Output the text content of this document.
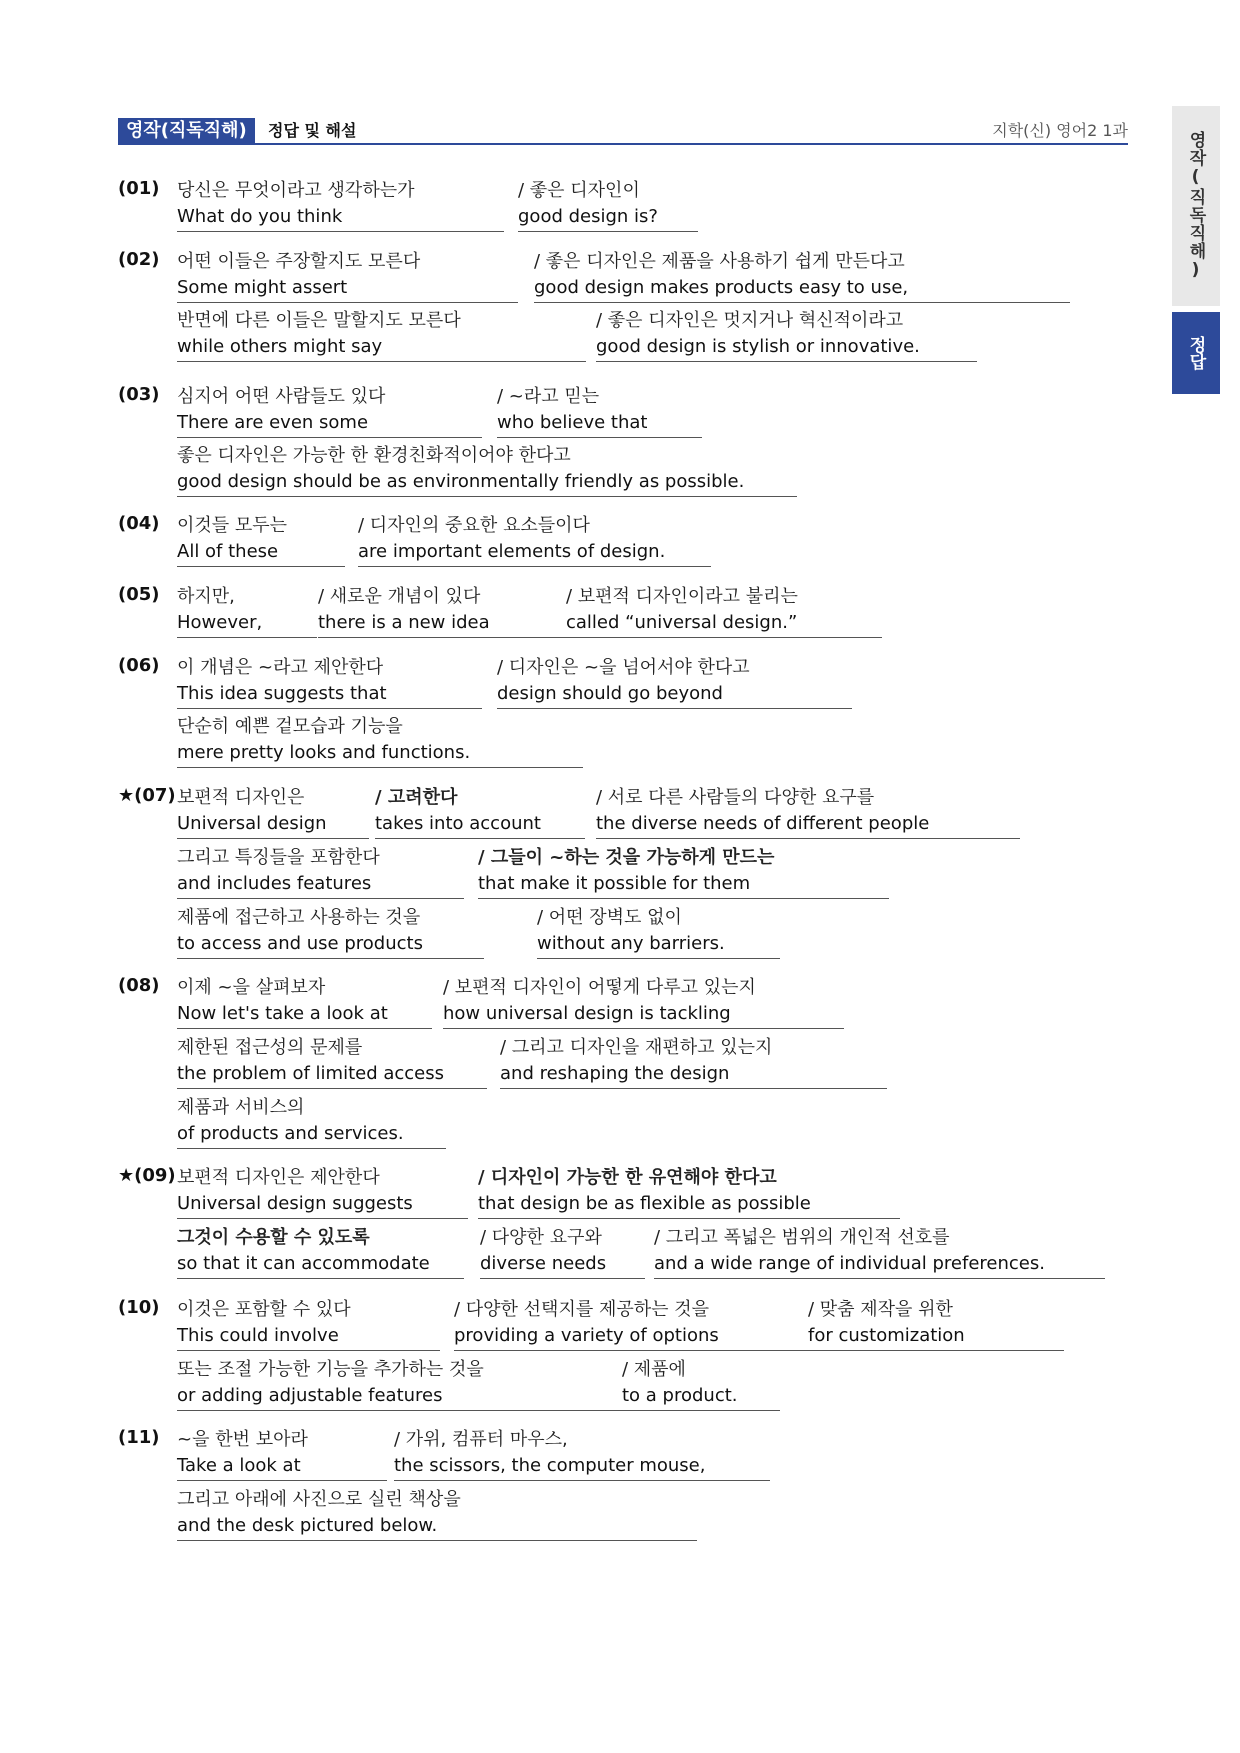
영작(직독직해)	정답 및 해설	지학(신) 영어2 1과
영작(직독직해)
정답
(01) 당신은 무엇이라고 생각하는가
What do you think
/ 좋은 디자인이
good design is?
(02) 어떤 이들은 주장할지도 모른다
Some might assert
/ 좋은 디자인은 제품을 사용하기 쉽게 만든다고
good design makes products easy to use,
반면에 다른 이들은 말할지도 모른다
while others might say
/ 좋은 디자인은 멋지거나 혁신적이라고
good design is stylish or innovative.
(03) 심지어 어떤 사람들도 있다
There are even some
/ ~라고 믿는
who believe that
좋은 디자인은 가능한 한 환경친화적이어야 한다고
good design should be as environmentally friendly as possible.
(04) 이것들 모두는
All of these
/ 디자인의 중요한 요소들이다
are important elements of design.
(05) 하지만,
However,
/ 새로운 개념이 있다
there is a new idea
/ 보편적 디자인이라고 불리는
called “universal design.”
(06) 이 개념은 ~라고 제안한다
This idea suggests that
/ 디자인은 ~을 넘어서야 한다고
design should go beyond
단순히 예쁜 겉모습과 기능을
mere pretty looks and functions.
★(07) 보편적 디자인은
Universal design
/ 고려한다
takes into account
/ 서로 다른 사람들의 다양한 요구를
the diverse needs of different people
그리고 특징들을 포함한다
and includes features
/ 그들이 ~하는 것을 가능하게 만드는
that make it possible for them
제품에 접근하고 사용하는 것을
to access and use products
/ 어떤 장벽도 없이
without any barriers.
(08) 이제 ~을 살펴보자
Now let's take a look at
/ 보편적 디자인이 어떻게 다루고 있는지
how universal design is tackling
제한된 접근성의 문제를
the problem of limited access
/ 그리고 디자인을 재편하고 있는지
and reshaping the design
제품과 서비스의
of products and services.
★(09) 보편적 디자인은 제안한다
Universal design suggests
/ 디자인이 가능한 한 유연해야 한다고
that design be as flexible as possible
그것이 수용할 수 있도록
so that it can accommodate
/ 다양한 요구와
diverse needs
/ 그리고 폭넓은 범위의 개인적 선호를
and a wide range of individual preferences.
(10) 이것은 포함할 수 있다
This could involve
/ 다양한 선택지를 제공하는 것을
providing a variety of options
/ 맞춤 제작을 위한
for customization
또는 조절 가능한 기능을 추가하는 것을
or adding adjustable features
/ 제품에
to a product.
(11) ~을 한번 보아라
Take a look at
/ 가위, 컴퓨터 마우스,
the scissors, the computer mouse,
그리고 아래에 사진으로 실린 책상을
and the desk pictured below.
